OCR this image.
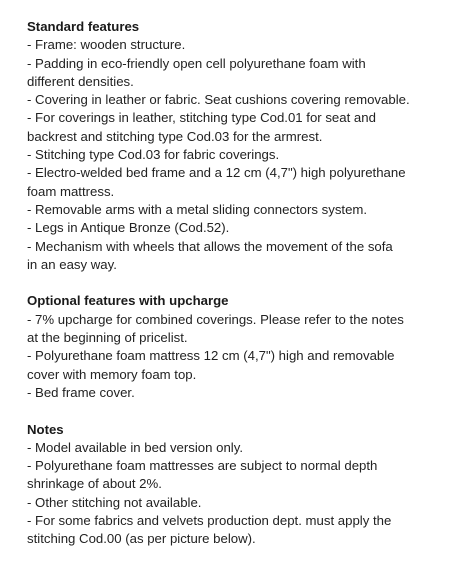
Standard features

- Frame: wooden structure.

- Padding in eco-friendly open cell polyurethane foam with

different densities.

- Covering in leather or fabric. Seat cushions covering removable.

- For coverings in leather, stitching type Cod.01 for seat and

backrest and stitching type Cod.03 for the armrest.

- Stitching type Cod.03 for fabric coverings.

- Electro-welded bed frame and a 12 cm (4,7") high polyurethane

foam mattress.

- Removable arms with a metal sliding connectors system.

- Legs in Antique Bronze (Cod.52).

- Mechanism with wheels that allows the movement of the sofa

in an easy way.

Optional features with upcharge

- 7% upcharge for combined coverings. Please refer to the notes

at the beginning of pricelist.

- Polyurethane foam mattress 12 cm (4,7") high and removable

cover with memory foam top.

- Bed frame cover.

Notes

- Model available in bed version only.

- Polyurethane foam mattresses are subject to normal depth

shrinkage of about 2%.

- Other stitching not available.

- For some fabrics and velvets production dept. must apply the

stitching Cod.00 (as per picture below).
